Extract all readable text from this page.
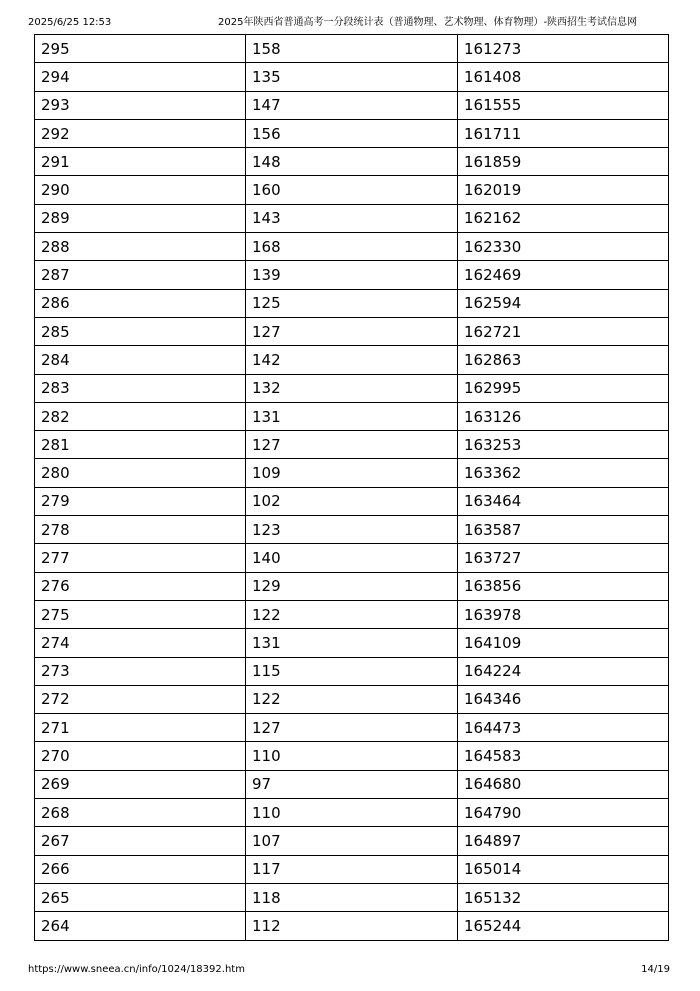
2025/6/25 12:53	2025年陕西省普通高考一分段统计表（普通物理、艺术物理、体育物理）-陕西招生考试信息网
295	158	161273
294	135	161408
293	147	161555
292	156	161711
291	148	161859
290	160	162019
289	143	162162
288	168	162330
287	139	162469
286	125	162594
285	127	162721
284	142	162863
283	132	162995
282	131	163126
281	127	163253
280	109	163362
279	102	163464
278	123	163587
277	140	163727
276	129	163856
275	122	163978
274	131	164109
273	115	164224
272	122	164346
271	127	164473
270	110	164583
269	97	164680
268	110	164790
267	107	164897
266	117	165014
265	118	165132
264	112	165244
https://www.sneea.cn/info/1024/18392.htm	14/19
